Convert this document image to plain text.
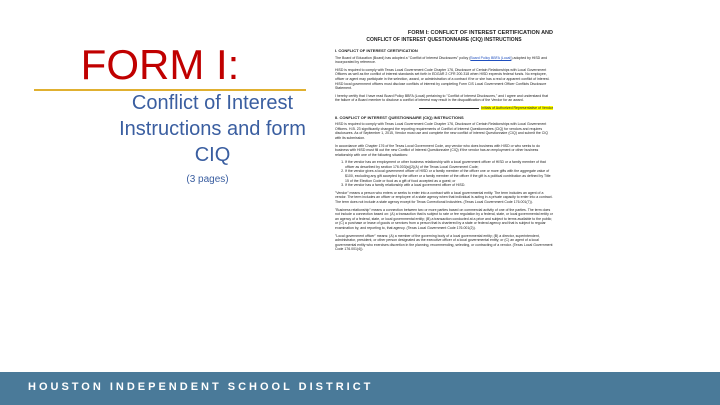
FORM I:
Conflict of Interest Instructions and form CIQ
(3 pages)
FORM I: CONFLICT OF INTEREST CERTIFICATION AND
CONFLICT OF INTEREST QUESTIONNAIRE (CIQ) INSTRUCTIONS
I. CONFLICT OF INTEREST CERTIFICATION

The Board of Education (Board) has adopted a "Conflict of Interest Disclosures" policy (Board Policy BBFA (Local)) adopted by HISD and incorporated by reference.

HISD is required to comply with Texas Local Government Code Chapter 176, Disclosure of Certain Relationships with Local Government Officers as well as the conflict of interest standards set forth in EDGAR 2 CFR 200.318 when HISD expends federal funds. No employee, officer or agent may participate in the selection, award, or administration of a contract if he or she has a real or apparent conflict of interest. HISD local government officers must disclose conflicts of interest by completing Form CIS Local Government Officer Conflicts Disclosure Statement.

I hereby certify that I have read Board Policy BBFA (Local) pertaining to "Conflict of Interest Disclosures," and I agree and understand that the failure of a Board member to disclose a conflict of interest may result in the disqualification of the Vendor for an award.

Initials of Authorized Representative of Vendor
II. CONFLICT OF INTEREST QUESTIONNAIRE (CIQ) INSTRUCTIONS

HISD is required to comply with Texas Local Government Code Chapter 176, Disclosure of Certain Relationships with Local Government Officers. H.B. 23 significantly changed the reporting requirements of Conflict of Interest Questionnaires (CIQ) for vendors and requires disclosures. As of September 1, 2015, Vendor must use and complete the new conflict of interest Questionnaire (CIQ) and submit the CIQ with its submission.

In accordance with Chapter 176 of the Texas Local Government Code, any vendor who does business with HISD or who seeks to do business with HISD must fill out the new Conflict of Interest Questionnaire (CIQ) if the vendor has an employment or other business relationship with one of the following situations:

1. If the vendor has an employment or other business relationship with a local government officer of HISD or a family member of that officer as described by section 176.003(a)(2)(A) of the Texas Local Government Code;
2. If the vendor gives a local government officer of HISD or a family member of the officer one or more gifts with the aggregate value of $100, excluding any gift accepted by the officer or a family member of the officer if the gift is a political contribution as defined by Title 15 of the Election Code or food as a gift of food accepted as a guest; or
3. If the vendor has a family relationship with a local government officer of HISD.

"Vendor" means a person who enters or seeks to enter into a contract with a local governmental entity. The term includes an agent of a vendor. The term includes an officer or employee of a state agency when that individual is acting in a private capacity to enter into a contract. The term does not include a state agency except for Texas Correctional Industries. (Texas Local Government Code 176.001(7)).

"Business relationship" means a connection between two or more parties based on commercial activity of one of the parties. The term does not include a connection based on: (A) a transaction that is subject to rate or fee regulation by a federal, state, or local governmental entity or an agency of a federal, state, or local governmental entity; (B) a transaction conducted at a price and subject to terms available to the public; or (C) a purchase or lease of goods or services from a person that is chartered by a state or federal agency and that is subject to regular examination by, and reporting to, that agency. (Texas Local Government Code 176.001(2)).

"Local government officer" means: (A) a member of the governing body of a local governmental entity; (B) a director, superintendent, administrator, president, or other person designated as the executive officer of a local governmental entity; or (C) an agent of a local governmental entity who exercises discretion in the planning, recommending, selecting, or contracting of a vendor. (Texas Local Government Code 176.001(4)).

HOUSTON INDEPENDENT SCHOOL DISTRICT
